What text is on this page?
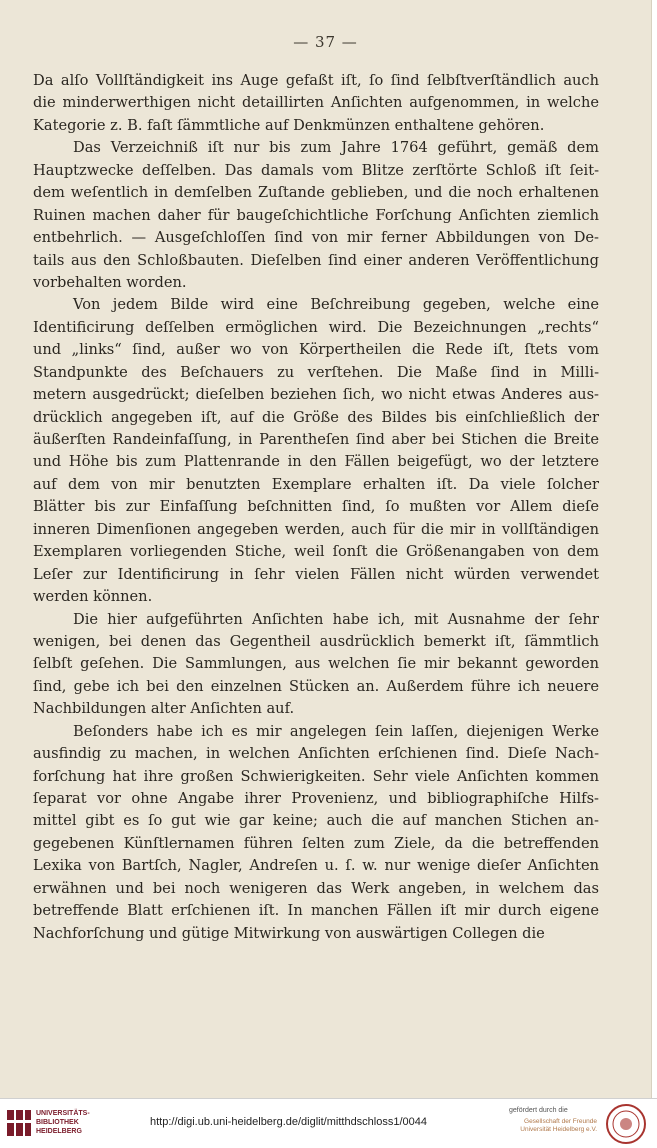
— 37 —
Da alſo Vollſtändigkeit ins Auge gefaßt iſt, ſo ſind ſelbſtverſtändlich auch
die minderwerthigen nicht detaillirten Anſichten aufgenommen, in welche
Kategorie z. B. faſt ſämmtliche auf Denkmünzen enthaltene gehören.
Das Verzeichniß iſt nur bis zum Jahre 1764 geführt, gemäß dem
Hauptzwecke deſſelben. Das damals vom Blitze zerſtörte Schloß iſt ſeit-
dem weſentlich in demſelben Zuſtande geblieben, und die noch erhaltenen
Ruinen machen daher für baugeſchichtliche Forſchung Anſichten ziemlich
entbehrlich. — Ausgeſchloſſen ſind von mir ferner Abbildungen von De-
tails aus den Schloßbauten. Dieſelben ſind einer anderen Veröffentlichung
vorbehalten worden.
Von jedem Bilde wird eine Beſchreibung gegeben, welche eine
Identificirung deſſelben ermöglichen wird. Die Bezeichnungen „rechts“
und „links“ ſind, außer wo von Körpertheilen die Rede iſt, ſtets vom
Standpunkte des Beſchauers zu verſtehen. Die Maße ſind in Milli-
metern ausgedrückt; dieſelben beziehen ſich, wo nicht etwas Anderes aus-
drücklich angegeben iſt, auf die Größe des Bildes bis einſchließlich der
äußerſten Randeinfaſſung, in Parentheſen ſind aber bei Stichen die Breite
und Höhe bis zum Plattenrande in den Fällen beigefügt, wo der letztere
auf dem von mir benutzten Exemplare erhalten iſt. Da viele ſolcher
Blätter bis zur Einfaſſung beſchnitten ſind, ſo mußten vor Allem dieſe
inneren Dimenſionen angegeben werden, auch für die mir in vollſtändigen
Exemplaren vorliegenden Stiche, weil ſonſt die Größenangaben von dem
Leſer zur Identificirung in ſehr vielen Fällen nicht würden verwendet
werden können.
Die hier aufgeführten Anſichten habe ich, mit Ausnahme der ſehr
wenigen, bei denen das Gegentheil ausdrücklich bemerkt iſt, ſämmtlich
ſelbſt geſehen. Die Sammlungen, aus welchen ſie mir bekannt geworden
ſind, gebe ich bei den einzelnen Stücken an. Außerdem führe ich neuere
Nachbildungen alter Anſichten auf.
Beſonders habe ich es mir angelegen ſein laſſen, diejenigen Werke
ausfindig zu machen, in welchen Anſichten erſchienen ſind. Dieſe Nach-
forſchung hat ihre großen Schwierigkeiten. Sehr viele Anſichten kommen
ſeparat vor ohne Angabe ihrer Provenienz, und bibliographiſche Hilfs-
mittel gibt es ſo gut wie gar keine; auch die auf manchen Stichen an-
gegebenen Künſtlernamen führen ſelten zum Ziele, da die betreffenden
Lexika von Bartſch, Nagler, Andreſen u. ſ. w. nur wenige dieſer Anſichten
erwähnen und bei noch wenigeren das Werk angeben, in welchem das
betreffende Blatt erſchienen iſt. In manchen Fällen iſt mir durch eigene
Nachforſchung und gütige Mitwirkung von auswärtigen Collegen die
UNIVERSITÄTS-
BIBLIOTHEK
HEIDELBERG
http://digi.ub.uni-heidelberg.de/diglit/mitthdschloss1/0044
gefördert durch die
Gesellschaft der Freunde
Universität Heidelberg e.V.
